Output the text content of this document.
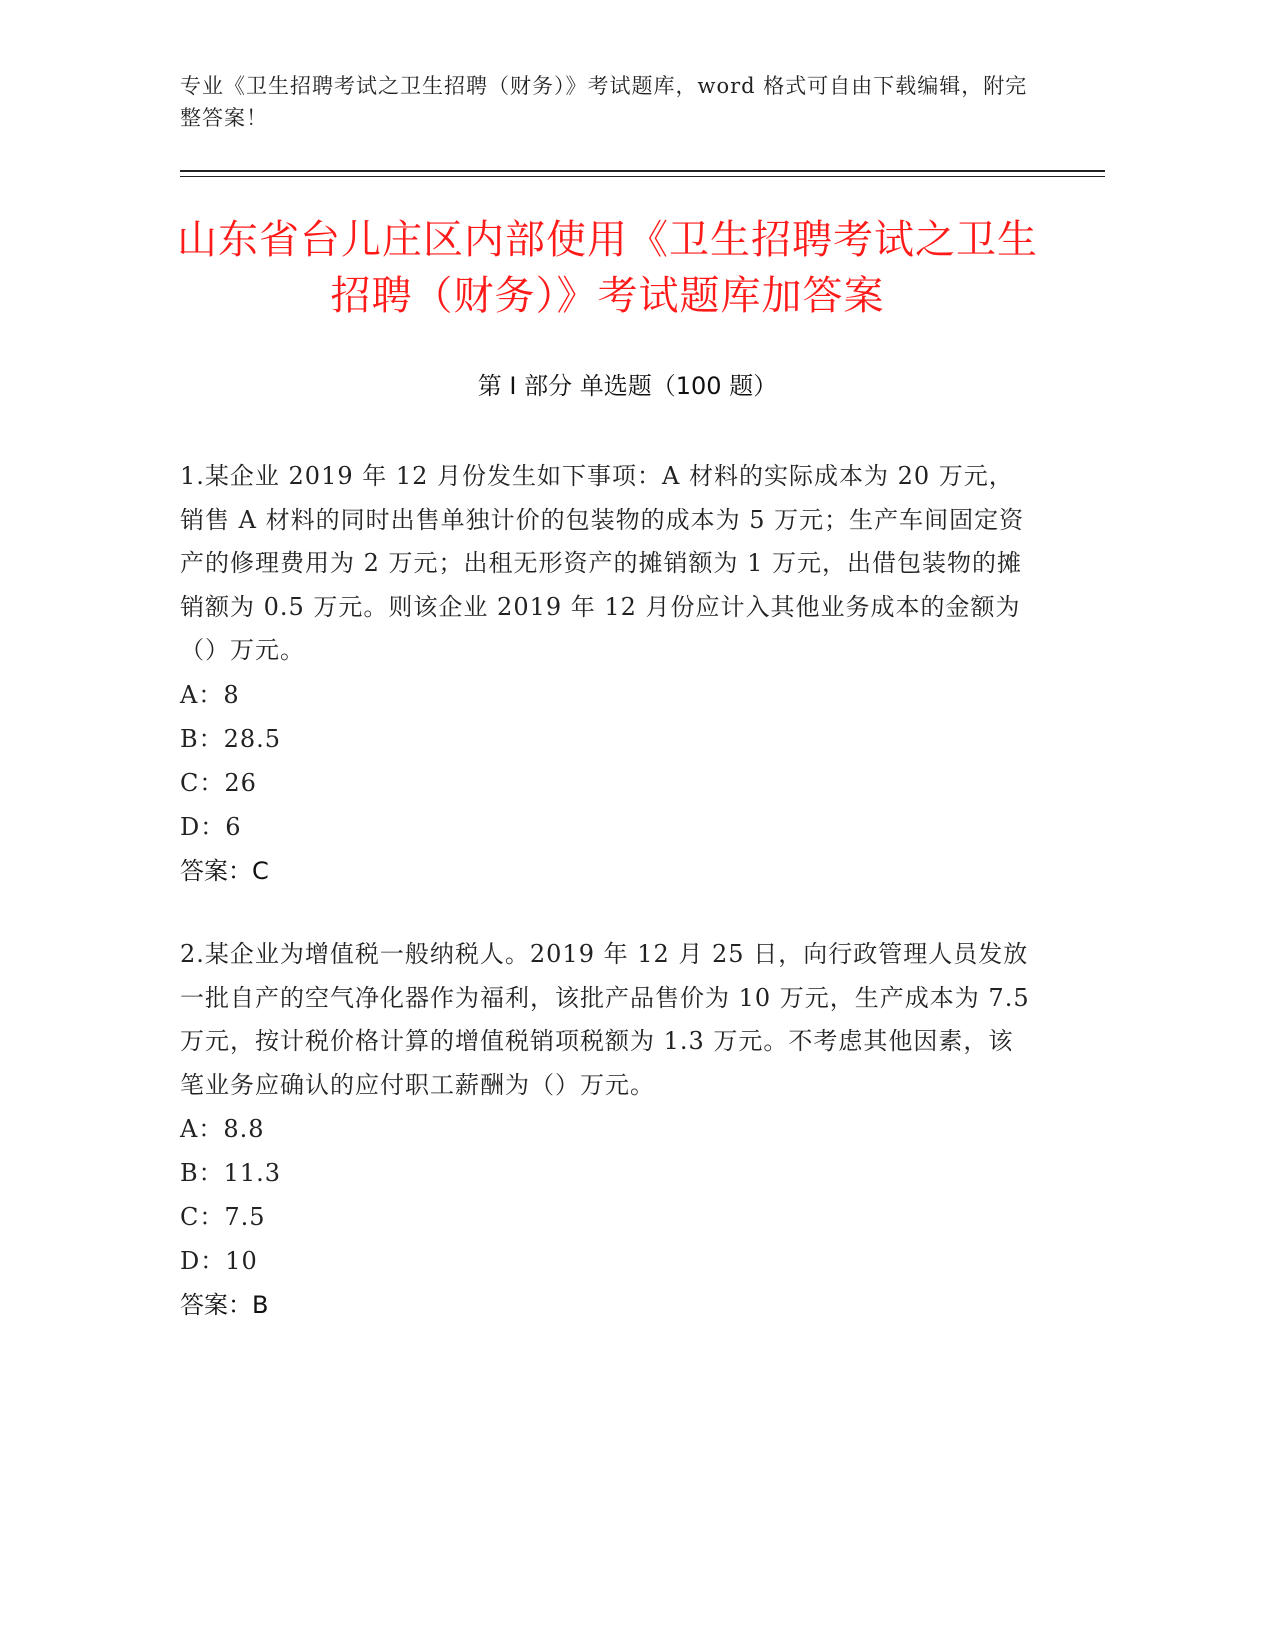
专业《卫生招聘考试之卫生招聘（财务）》考试题库，word 格式可自由下载编辑，附完整答案！
山东省台儿庄区内部使用《卫生招聘考试之卫生招聘（财务）》考试题库加答案
第 I 部分 单选题（100 题）

1.某企业 2019 年 12 月份发生如下事项：A 材料的实际成本为 20 万元，销售 A 材料的同时出售单独计价的包装物的成本为 5 万元；生产车间固定资产的修理费用为 2 万元；出租无形资产的摊销额为 1 万元，出借包装物的摊销额为 0.5 万元。则该企业 2019 年 12 月份应计入其他业务成本的金额为（）万元。

A：8

B：28.5

C：26

D：6

答案：C

2.某企业为增值税一般纳税人。2019 年 12 月 25 日，向行政管理人员发放一批自产的空气净化器作为福利，该批产品售价为 10 万元，生产成本为 7.5 万元，按计税价格计算的增值税销项税额为 1.3 万元。不考虑其他因素，该笔业务应确认的应付职工薪酬为（）万元。

A：8.8

B：11.3

C：7.5

D：10

答案：B
